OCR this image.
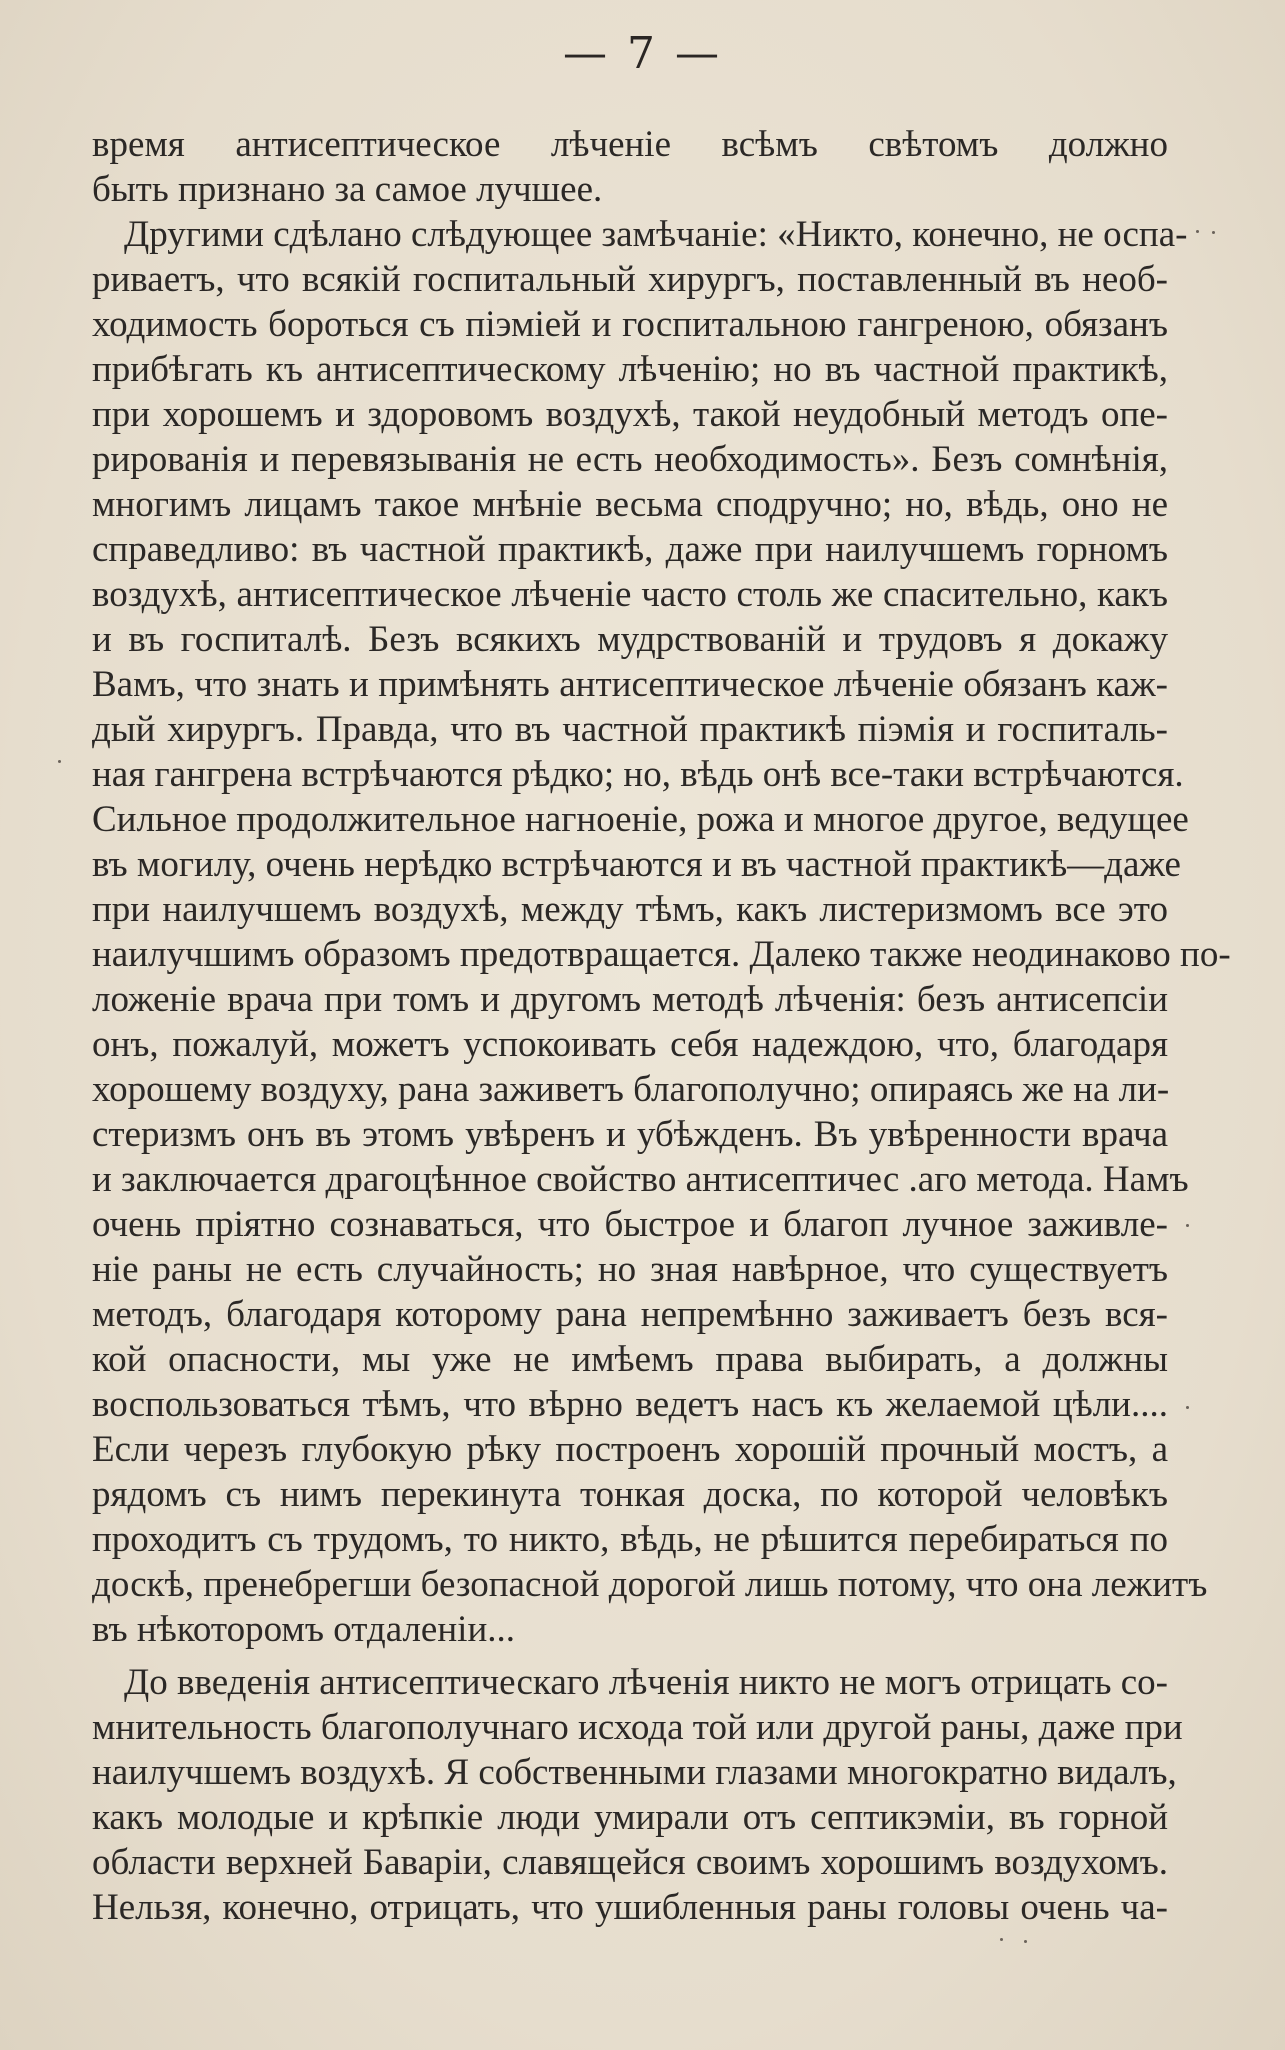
— 7 —
время антисептическое лѣченіе всѣмъ свѣтомъ должно
быть признано за самое лучшее.
Другими сдѣлано слѣдующее замѣчаніе: «Никто, конечно, не оспа-
риваетъ, что всякій госпитальный хирургъ, поставленный въ необ-
ходимость бороться съ піэміей и госпитальною гангреною, обязанъ
прибѣгать къ антисептическому лѣченію; но въ частной практикѣ,
при хорошемъ и здоровомъ воздухѣ, такой неудобный методъ опе-
рированія и перевязыванія не есть необходимость». Безъ сомнѣнія,
многимъ лицамъ такое мнѣніе весьма сподручно; но, вѣдь, оно не
справедливо: въ частной практикѣ, даже при наилучшемъ горномъ
воздухѣ, антисептическое лѣченіе часто столь же спасительно, какъ
и въ госпиталѣ. Безъ всякихъ мудрствованій и трудовъ я докажу
Вамъ, что знать и примѣнять антисептическое лѣченіе обязанъ каж-
дый хирургъ. Правда, что въ частной практикѣ піэмія и госпиталь-
ная гангрена встрѣчаются рѣдко; но, вѣдь онѣ все-таки встрѣчаются.
Сильное продолжительное нагноеніе, рожа и многое другое, ведущее
въ могилу, очень нерѣдко встрѣчаются и въ частной практикѣ—даже
при наилучшемъ воздухѣ, между тѣмъ, какъ листеризмомъ все это
наилучшимъ образомъ предотвращается. Далеко также неодинаково по-
ложеніе врача при томъ и другомъ методѣ лѣченія: безъ антисепсіи
онъ, пожалуй, можетъ успокоивать себя надеждою, что, благодаря
хорошему воздуху, рана заживетъ благополучно; опираясь же на ли-
стеризмъ онъ въ этомъ увѣренъ и убѣжденъ. Въ увѣренности врача
и заключается драгоцѣнное свойство антисептичес .аго метода. Намъ
очень пріятно сознаваться, что быстрое и благоп лучное заживле-
ніе раны не есть случайность; но зная навѣрное, что существуетъ
методъ, благодаря которому рана непремѣнно заживаетъ безъ вся-
кой опасности, мы уже не имѣемъ права выбирать, а должны
воспользоваться тѣмъ, что вѣрно ведетъ насъ къ желаемой цѣли....
Если черезъ глубокую рѣку построенъ хорошій прочный мостъ, а
рядомъ съ нимъ перекинута тонкая доска, по которой человѣкъ
проходитъ съ трудомъ, то никто, вѣдь, не рѣшится перебираться по
доскѣ, пренебрегши безопасной дорогой лишь потому, что она лежитъ
въ нѣкоторомъ отдаленіи...
До введенія антисептическаго лѣченія никто не могъ отрицать со-
мнительность благополучнаго исхода той или другой раны, даже при
наилучшемъ воздухѣ. Я собственными глазами многократно видалъ,
какъ молодые и крѣпкіе люди умирали отъ септикэміи, въ горной
области верхней Баваріи, славящейся своимъ хорошимъ воздухомъ.
Нельзя, конечно, отрицать, что ушибленныя раны головы очень ча-
